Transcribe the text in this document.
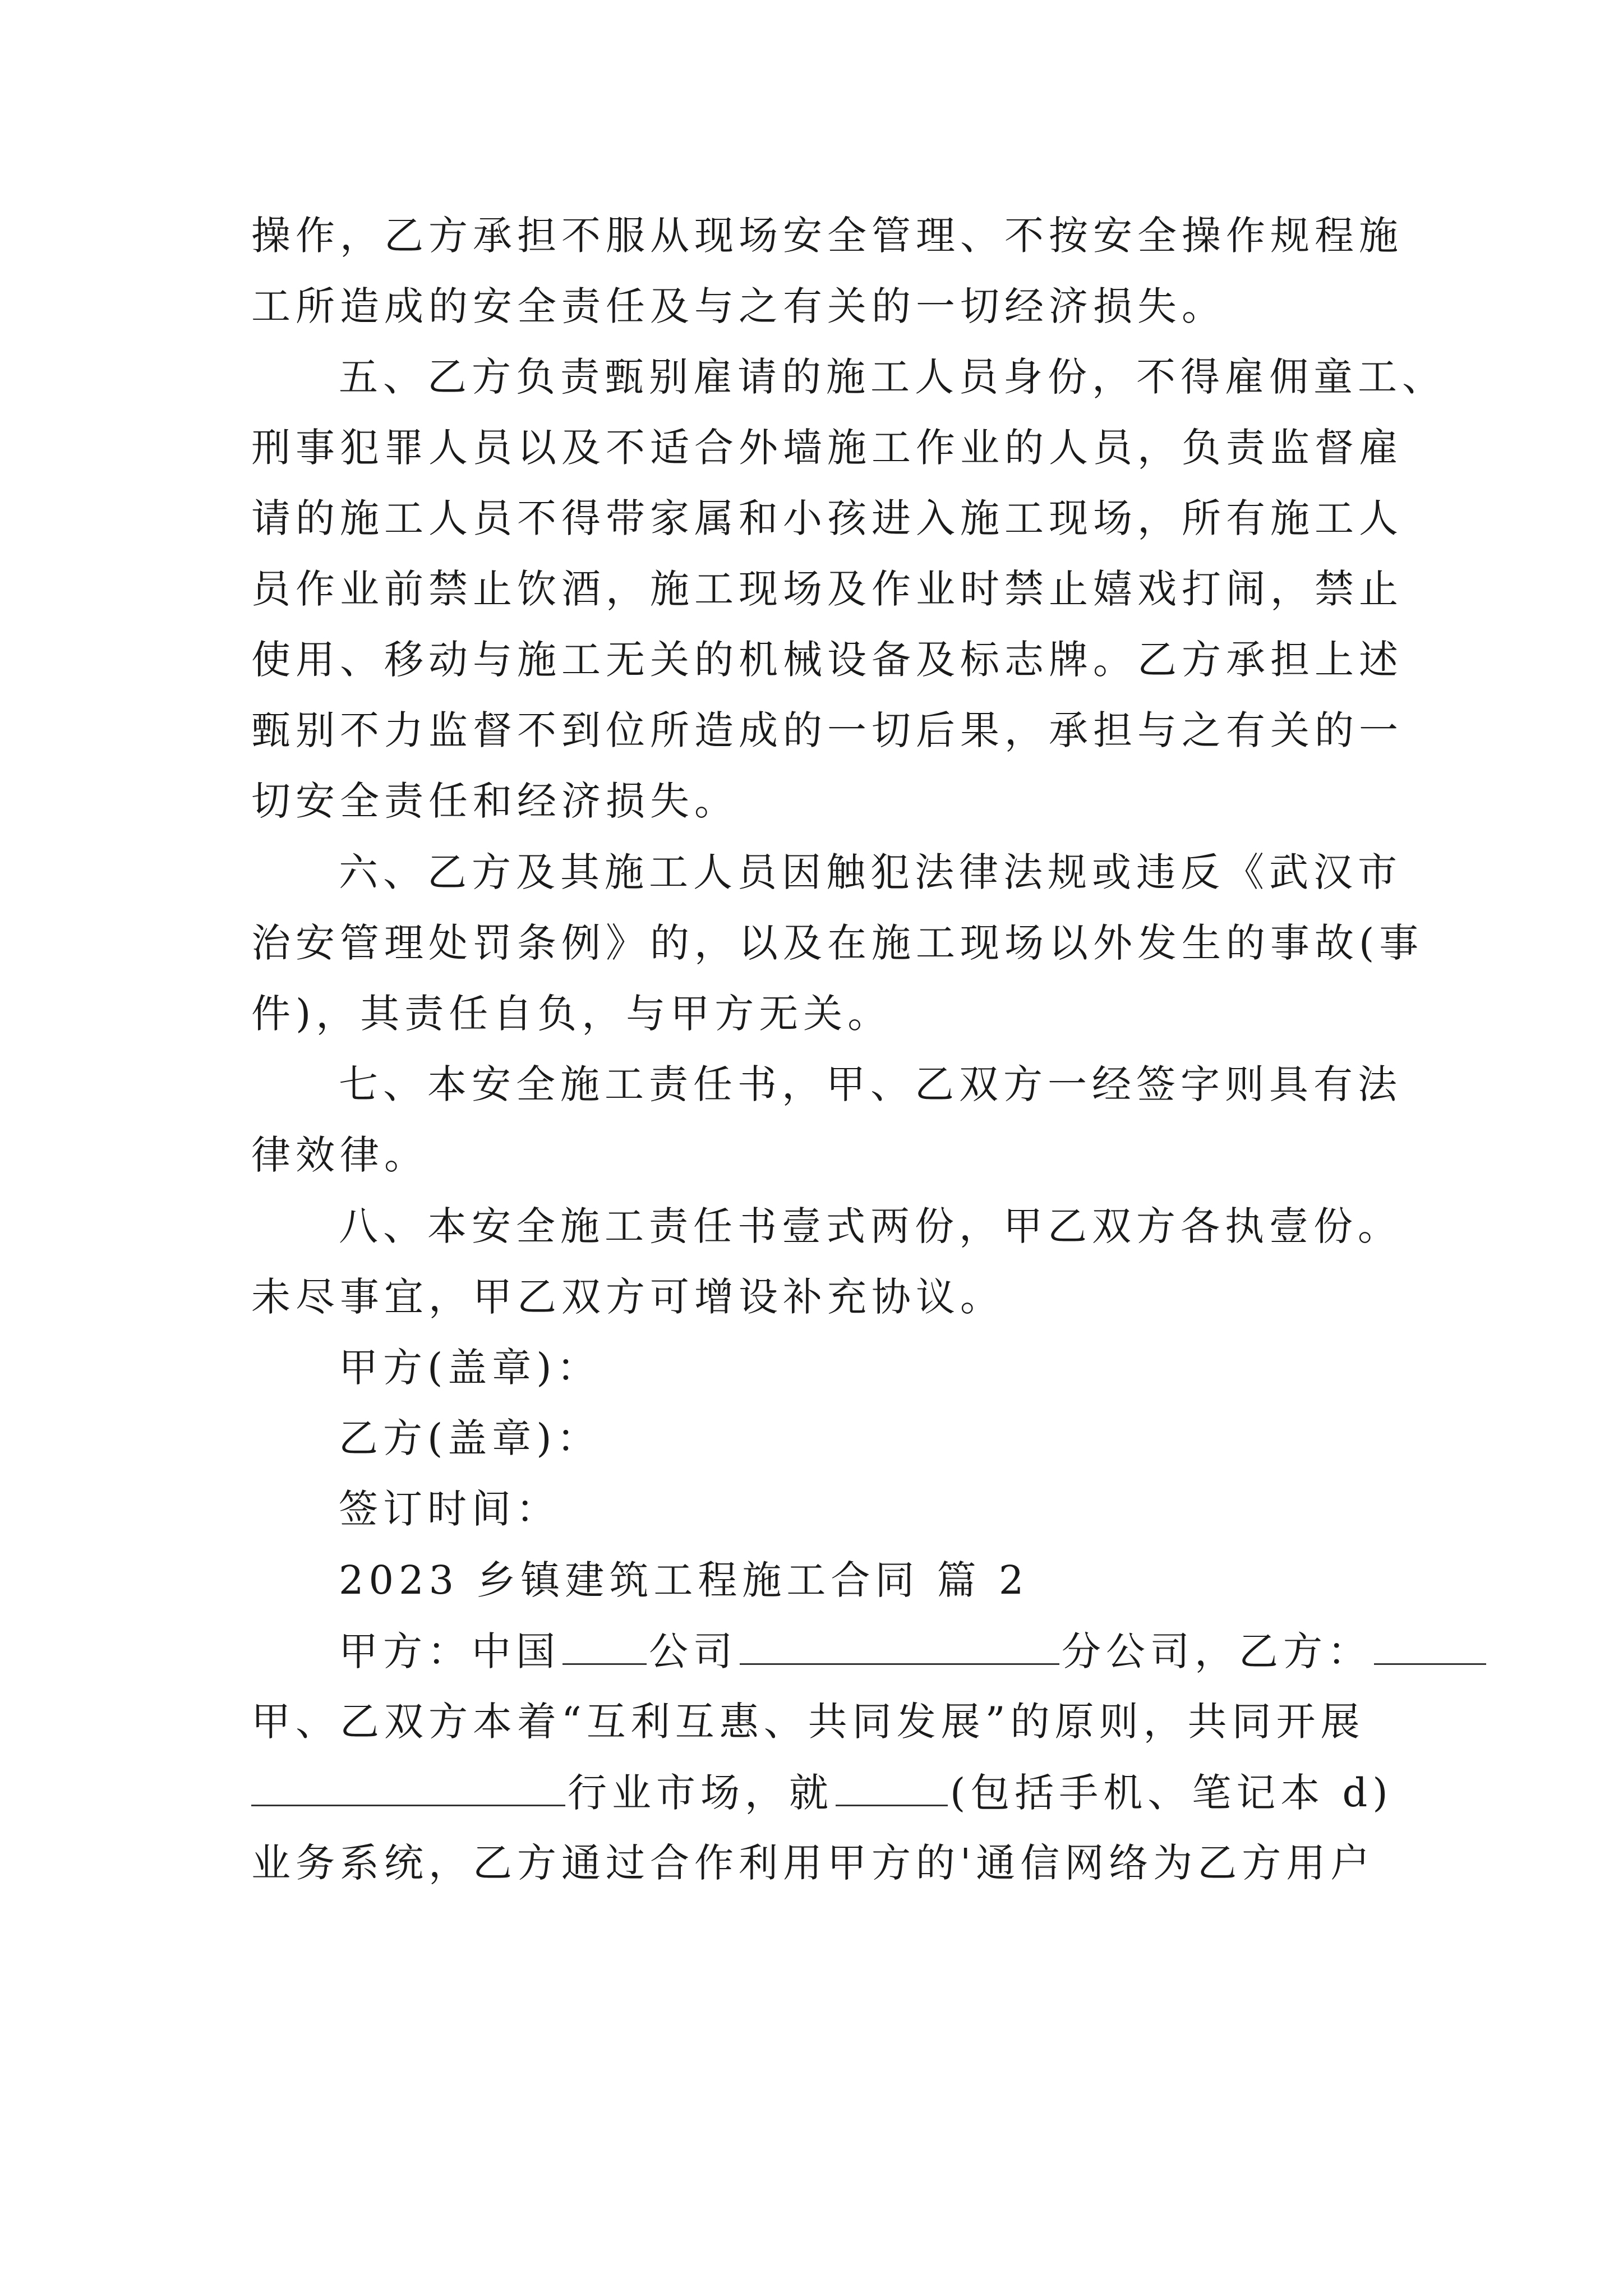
操作，乙方承担不服从现场安全管理、不按安全操作规程施
工所造成的安全责任及与之有关的一切经济损失。
五、乙方负责甄别雇请的施工人员身份，不得雇佣童工、
刑事犯罪人员以及不适合外墙施工作业的人员，负责监督雇
请的施工人员不得带家属和小孩进入施工现场，所有施工人
员作业前禁止饮酒，施工现场及作业时禁止嬉戏打闹，禁止
使用、移动与施工无关的机械设备及标志牌。乙方承担上述
甄别不力监督不到位所造成的一切后果，承担与之有关的一
切安全责任和经济损失。
六、乙方及其施工人员因触犯法律法规或违反《武汉市
治安管理处罚条例》的，以及在施工现场以外发生的事故(事
件)，其责任自负，与甲方无关。
七、本安全施工责任书，甲、乙双方一经签字则具有法
律效律。
八、本安全施工责任书壹式两份，甲乙双方各执壹份。
未尽事宜，甲乙双方可增设补充协议。
甲方(盖章)：
乙方(盖章)：
签订时间：
2023 乡镇建筑工程施工合同 篇 2
甲方：中国 公司	分公司，乙方：
甲、乙双方本着“互利互惠、共同发展”的原则，共同开展
行业市场，就	(包括手机、笔记本 d)
业务系统，乙方通过合作利用甲方的'通信网络为乙方用户
